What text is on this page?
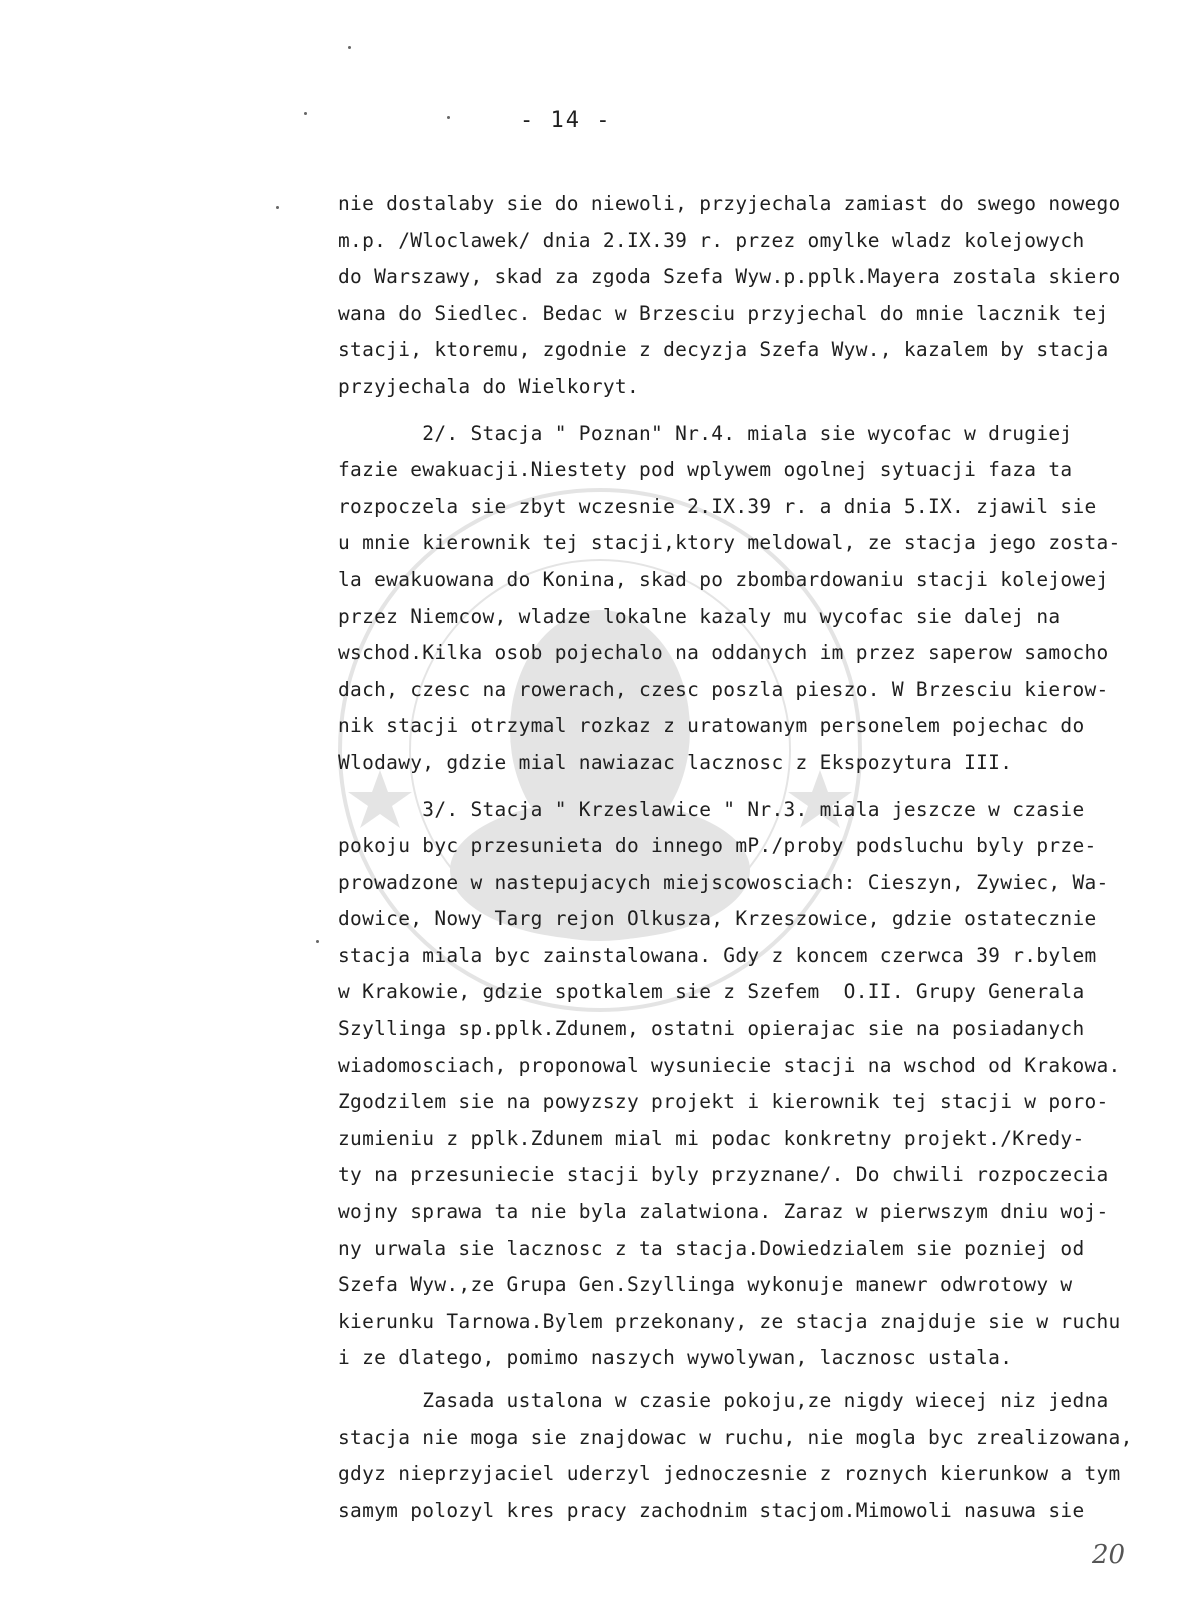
- 14 -
nie dostalaby sie do niewoli, przyjechala zamiast do swego nowego
m.p. /Wloclawek/ dnia 2.IX.39 r. przez omylke wladz kolejowych
do Warszawy, skad za zgoda Szefa Wyw.p.pplk.Mayera zostala skiero
wana do Siedlec. Bedac w Brzesciu przyjechal do mnie lacznik tej
stacji, ktoremu, zgodnie z decyzja Szefa Wyw., kazalem by stacja
przyjechala do Wielkoryt.
2/. Stacja " Poznan" Nr.4. miala sie wycofac w drugiej
fazie ewakuacji.Niestety pod wplywem ogolnej sytuacji faza ta
rozpoczela sie zbyt wczesnie 2.IX.39 r. a dnia 5.IX. zjawil sie
u mnie kierownik tej stacji,ktory meldowal, ze stacja jego zosta-
la ewakuowana do Konina, skad po zbombardowaniu stacji kolejowej
przez Niemcow, wladze lokalne kazaly mu wycofac sie dalej na
wschod.Kilka osob pojechalo na oddanych im przez saperow samocho
dach, czesc na rowerach, czesc poszla pieszo. W Brzesciu kierow-
nik stacji otrzymal rozkaz z uratowanym personelem pojechac do
Wlodawy, gdzie mial nawiazac lacznosc z Ekspozytura III.
3/. Stacja " Krzeslawice " Nr.3. miala jeszcze w czasie
pokoju byc przesunieta do innego mP./proby podsluchu byly prze-
prowadzone w nastepujacych miejscowosciach: Cieszyn, Zywiec, Wa-
dowice, Nowy Targ rejon Olkusza, Krzeszowice, gdzie ostatecznie
stacja miala byc zainstalowana. Gdy z koncem czerwca 39 r.bylem
w Krakowie, gdzie spotkalem sie z Szefem  O.II. Grupy Generala
Szyllinga sp.pplk.Zdunem, ostatni opierajac sie na posiadanych
wiadomosciach, proponowal wysuniecie stacji na wschod od Krakowa.
Zgodzilem sie na powyzszy projekt i kierownik tej stacji w poro-
zumieniu z pplk.Zdunem mial mi podac konkretny projekt./Kredy-
ty na przesuniecie stacji byly przyznane/. Do chwili rozpoczecia
wojny sprawa ta nie byla zalatwiona. Zaraz w pierwszym dniu woj-
ny urwala sie lacznosc z ta stacja.Dowiedzialem sie pozniej od
Szefa Wyw.,ze Grupa Gen.Szyllinga wykonuje manewr odwrotowy w
kierunku Tarnowa.Bylem przekonany, ze stacja znajduje sie w ruchu
i ze dlatego, pomimo naszych wywolywan, lacznosc ustala.
Zasada ustalona w czasie pokoju,ze nigdy wiecej niz jedna
stacja nie moga sie znajdowac w ruchu, nie mogla byc zrealizowana,
gdyz nieprzyjaciel uderzyl jednoczesnie z roznych kierunkow a tym
samym polozyl kres pracy zachodnim stacjom.Mimowoli nasuwa sie
20
